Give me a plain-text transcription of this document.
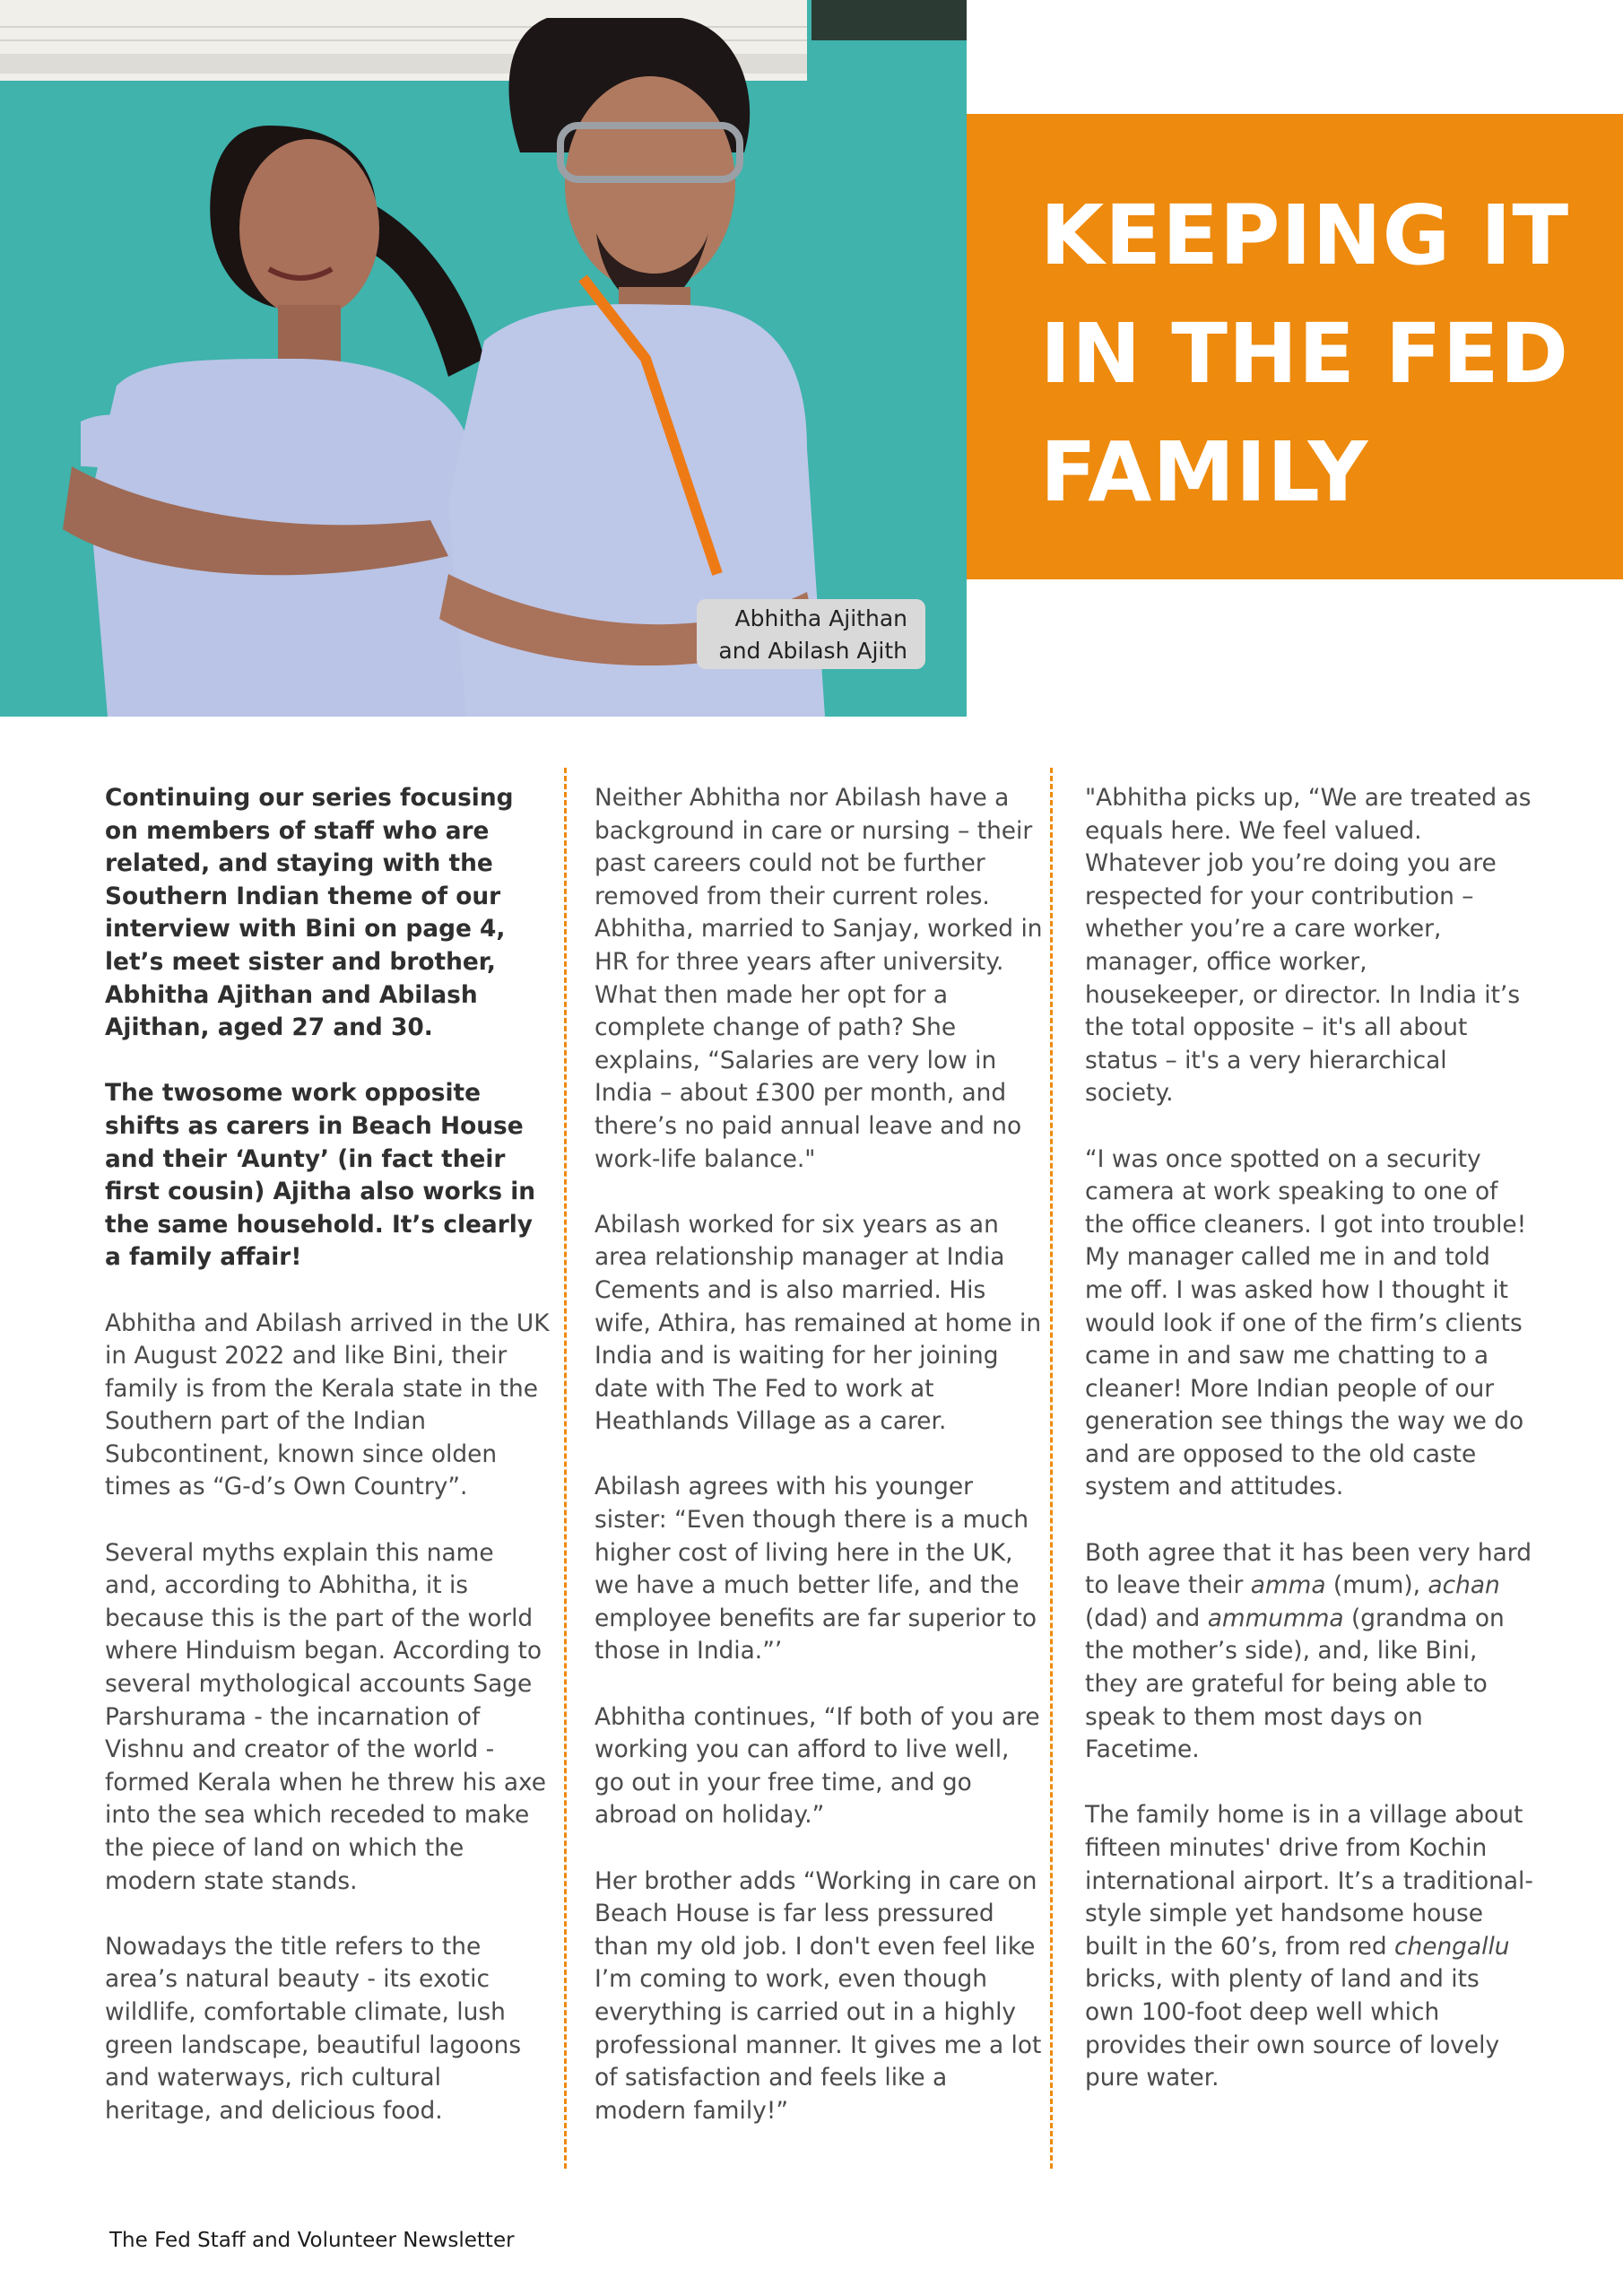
Abhitha Ajithan
and Abilash Ajith
KEEPING IT
IN THE FED
FAMILY

Continuing our series focusing on members of staff who are related, and staying with the Southern Indian theme of our interview with Bini on page 4, let’s meet sister and brother, Abhitha Ajithan and Abilash Ajithan, aged 27 and 30.

The twosome work opposite shifts as carers in Beach House and their ‘Aunty’ (in fact their first cousin) Ajitha also works in the same household. It’s clearly a family affair!

Abhitha and Abilash arrived in the UK in August 2022 and like Bini, their family is from the Kerala state in the Southern part of the Indian Subcontinent, known since olden times as “G-d’s Own Country”.

Several myths explain this name and, according to Abhitha, it is because this is the part of the world where Hinduism began. According to several mythological accounts Sage Parshurama - the incarnation of Vishnu and creator of the world - formed Kerala when he threw his axe into the sea which receded to make the piece of land on which the modern state stands.

Nowadays the title refers to the area’s natural beauty - its exotic wildlife, comfortable climate, lush green landscape, beautiful lagoons and waterways, rich cultural heritage, and delicious food.

Neither Abhitha nor Abilash have a background in care or nursing – their past careers could not be further removed from their current roles. Abhitha, married to Sanjay, worked in HR for three years after university. What then made her opt for a complete change of path? She explains, “Salaries are very low in India – about £300 per month, and there’s no paid annual leave and no work-life balance."

Abilash worked for six years as an area relationship manager at India Cements and is also married. His wife, Athira, has remained at home in India and is waiting for her joining date with The Fed to work at Heathlands Village as a carer.

Abilash agrees with his younger sister: “Even though there is a much higher cost of living here in the UK, we have a much better life, and the employee benefits are far superior to those in India.”’

Abhitha continues, “If both of you are working you can afford to live well, go out in your free time, and go abroad on holiday.”

Her brother adds “Working in care on Beach House is far less pressured than my old job. I don't even feel like I’m coming to work, even though everything is carried out in a highly professional manner. It gives me a lot of satisfaction and feels like a modern family!”

"Abhitha picks up, “We are treated as equals here. We feel valued. Whatever job you’re doing you are respected for your contribution – whether you’re a care worker, manager, office worker, housekeeper, or director. In India it’s the total opposite – it's all about status – it's a very hierarchical society.

“I was once spotted on a security camera at work speaking to one of the office cleaners. I got into trouble! My manager called me in and told me off. I was asked how I thought it would look if one of the firm’s clients came in and saw me chatting to a cleaner! More Indian people of our generation see things the way we do and are opposed to the old caste system and attitudes.

Both agree that it has been very hard to leave their amma (mum), achan (dad) and ammumma (grandma on the mother’s side), and, like Bini, they are grateful for being able to speak to them most days on Facetime.

The family home is in a village about fifteen minutes' drive from Kochin international airport. It’s a traditional-style simple yet handsome house built in the 60’s, from red chengallu bricks, with plenty of land and its own 100-foot deep well which provides their own source of lovely pure water.

The Fed Staff and Volunteer Newsletter
